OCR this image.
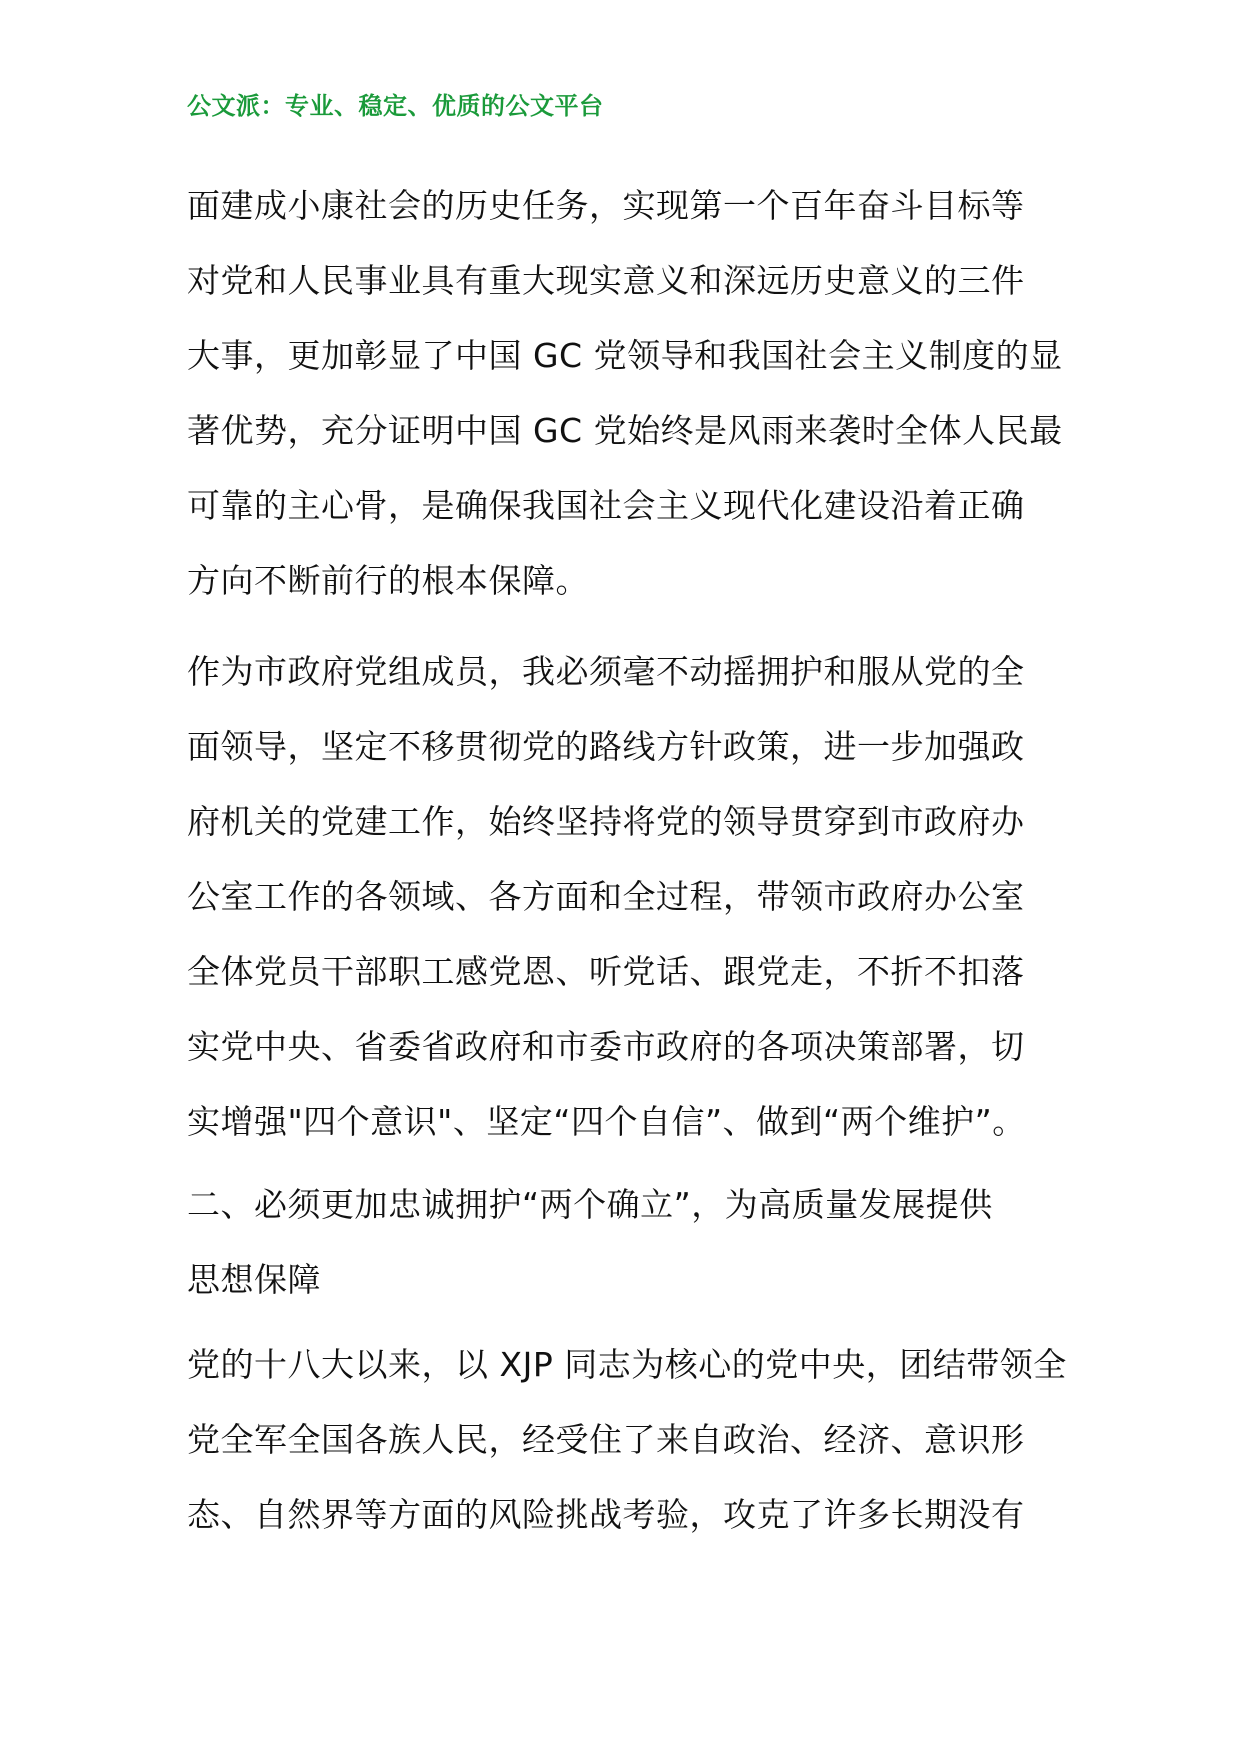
公文派：专业、稳定、优质的公文平台
面建成小康社会的历史任务，实现第一个百年奋斗目标等
对党和人民事业具有重大现实意义和深远历史意义的三件
大事，更加彰显了中国 GC 党领导和我国社会主义制度的显
著优势，充分证明中国 GC 党始终是风雨来袭时全体人民最
可靠的主心骨，是确保我国社会主义现代化建设沿着正确
方向不断前行的根本保障。
作为市政府党组成员，我必须毫不动摇拥护和服从党的全
面领导，坚定不移贯彻党的路线方针政策，进一步加强政
府机关的党建工作，始终坚持将党的领导贯穿到市政府办
公室工作的各领域、各方面和全过程，带领市政府办公室
全体党员干部职工感党恩、听党话、跟党走，不折不扣落
实党中央、省委省政府和市委市政府的各项决策部署，切
实增强"四个意识"、坚定“四个自信”、做到“两个维护”。
二、必须更加忠诚拥护“两个确立”，为高质量发展提供
思想保障
党的十八大以来，以 XJP 同志为核心的党中央，团结带领全
党全军全国各族人民，经受住了来自政治、经济、意识形
态、自然界等方面的风险挑战考验，攻克了许多长期没有
